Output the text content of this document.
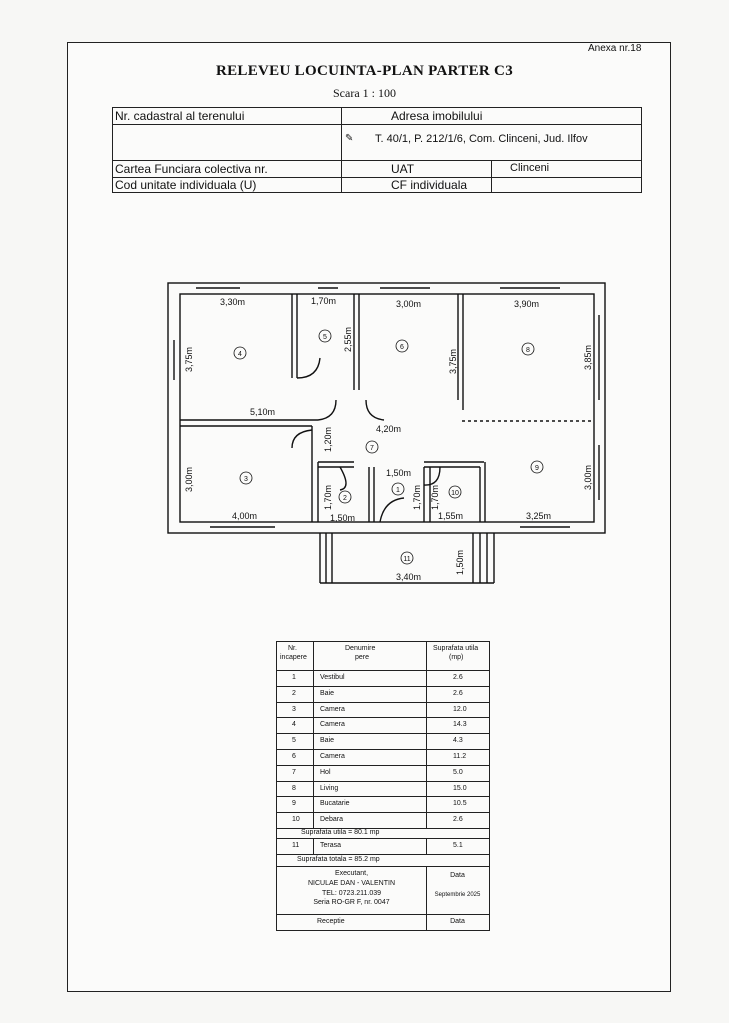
Anexa nr.18
RELEVEU LOCUINTA-PLAN PARTER C3
Scara 1 : 100
Nr. cadastral al terenului	Adresa imobilului
✎ T. 40/1, P. 212/1/6, Com. Clinceni, Jud. Ilfov
Cartea Funciara colectiva nr.	UAT	Clinceni
Cod unitate individuala (U)	CF individuala
1
2
3
4
5
6
7
8
9
10
11
3,30m
3,75m
1,70m
2,55m
3,00m
3,75m
3,90m
3,85m
5,10m
4,20m
1,20m
3,00m
4,00m
1,70m
1,50m
1,50m
1,70m 1,70m
1,55m
3,00m
3,25m
3,40m
1,50m
Nr.
incapere
Denumire
pere
Suprafata utila
(mp)
1	Vestibul	2.6
2	Baie	2.6
3	Camera	12.0
4	Camera	14.3
5	Baie	4.3
6	Camera	11.2
7	Hol	5.0
8	Living	15.0
9	Bucatarie	10.5
10	Debara	2.6
Suprafata utila = 80.1 mp
11	Terasa	5.1
Suprafata totala = 85.2 mp
Executant,
NICULAE DAN - VALENTIN
TEL: 0723.211.039
Seria RO-GR F, nr. 0047
Data
Septembrie 2025
Receptie	Data
